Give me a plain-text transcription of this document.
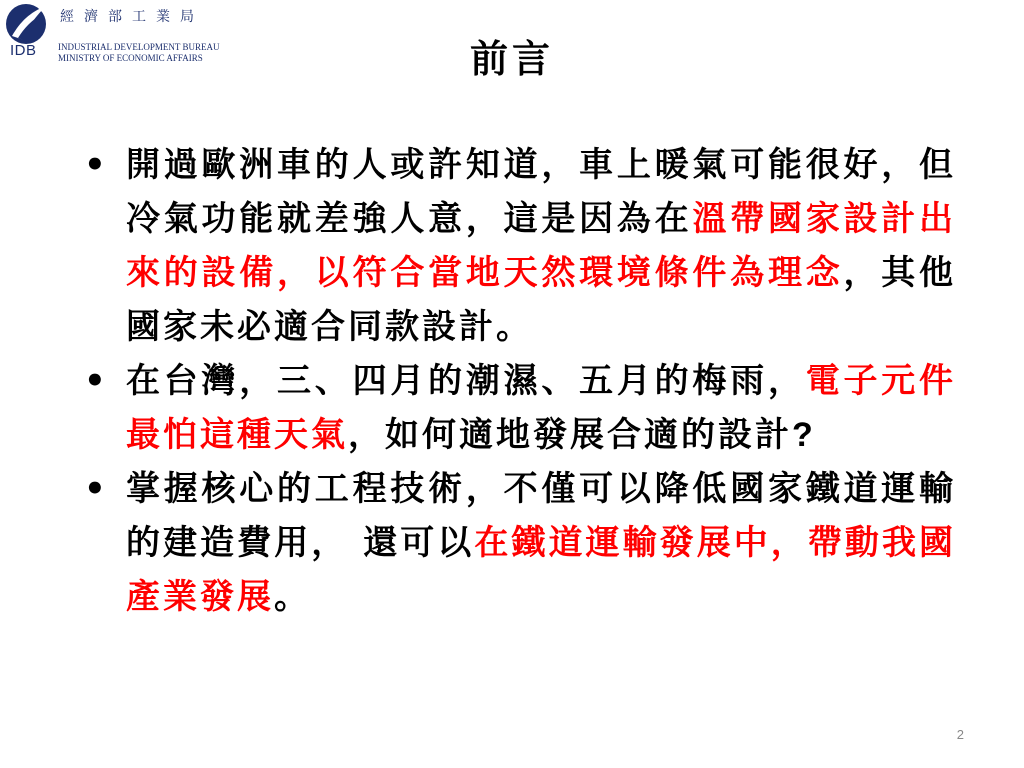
IDB
經濟部工業局
INDUSTRIAL DEVELOPMENT BUREAU
MINISTRY OF ECONOMIC AFFAIRS	前言
• 開過歐洲車的人或許知道，車上暖氣可能很好，但冷氣功能就差強人意，這是因為在溫帶國家設計出來的設備，以符合當地天然環境條件為理念，其他國家未必適合同款設計。
• 在台灣，三、四月的潮濕、五月的梅雨，電子元件最怕這種天氣，如何適地發展合適的設計?
• 掌握核心的工程技術，不僅可以降低國家鐵道運輸的建造費用， 還可以在鐵道運輸發展中，帶動我國產業發展。
2
